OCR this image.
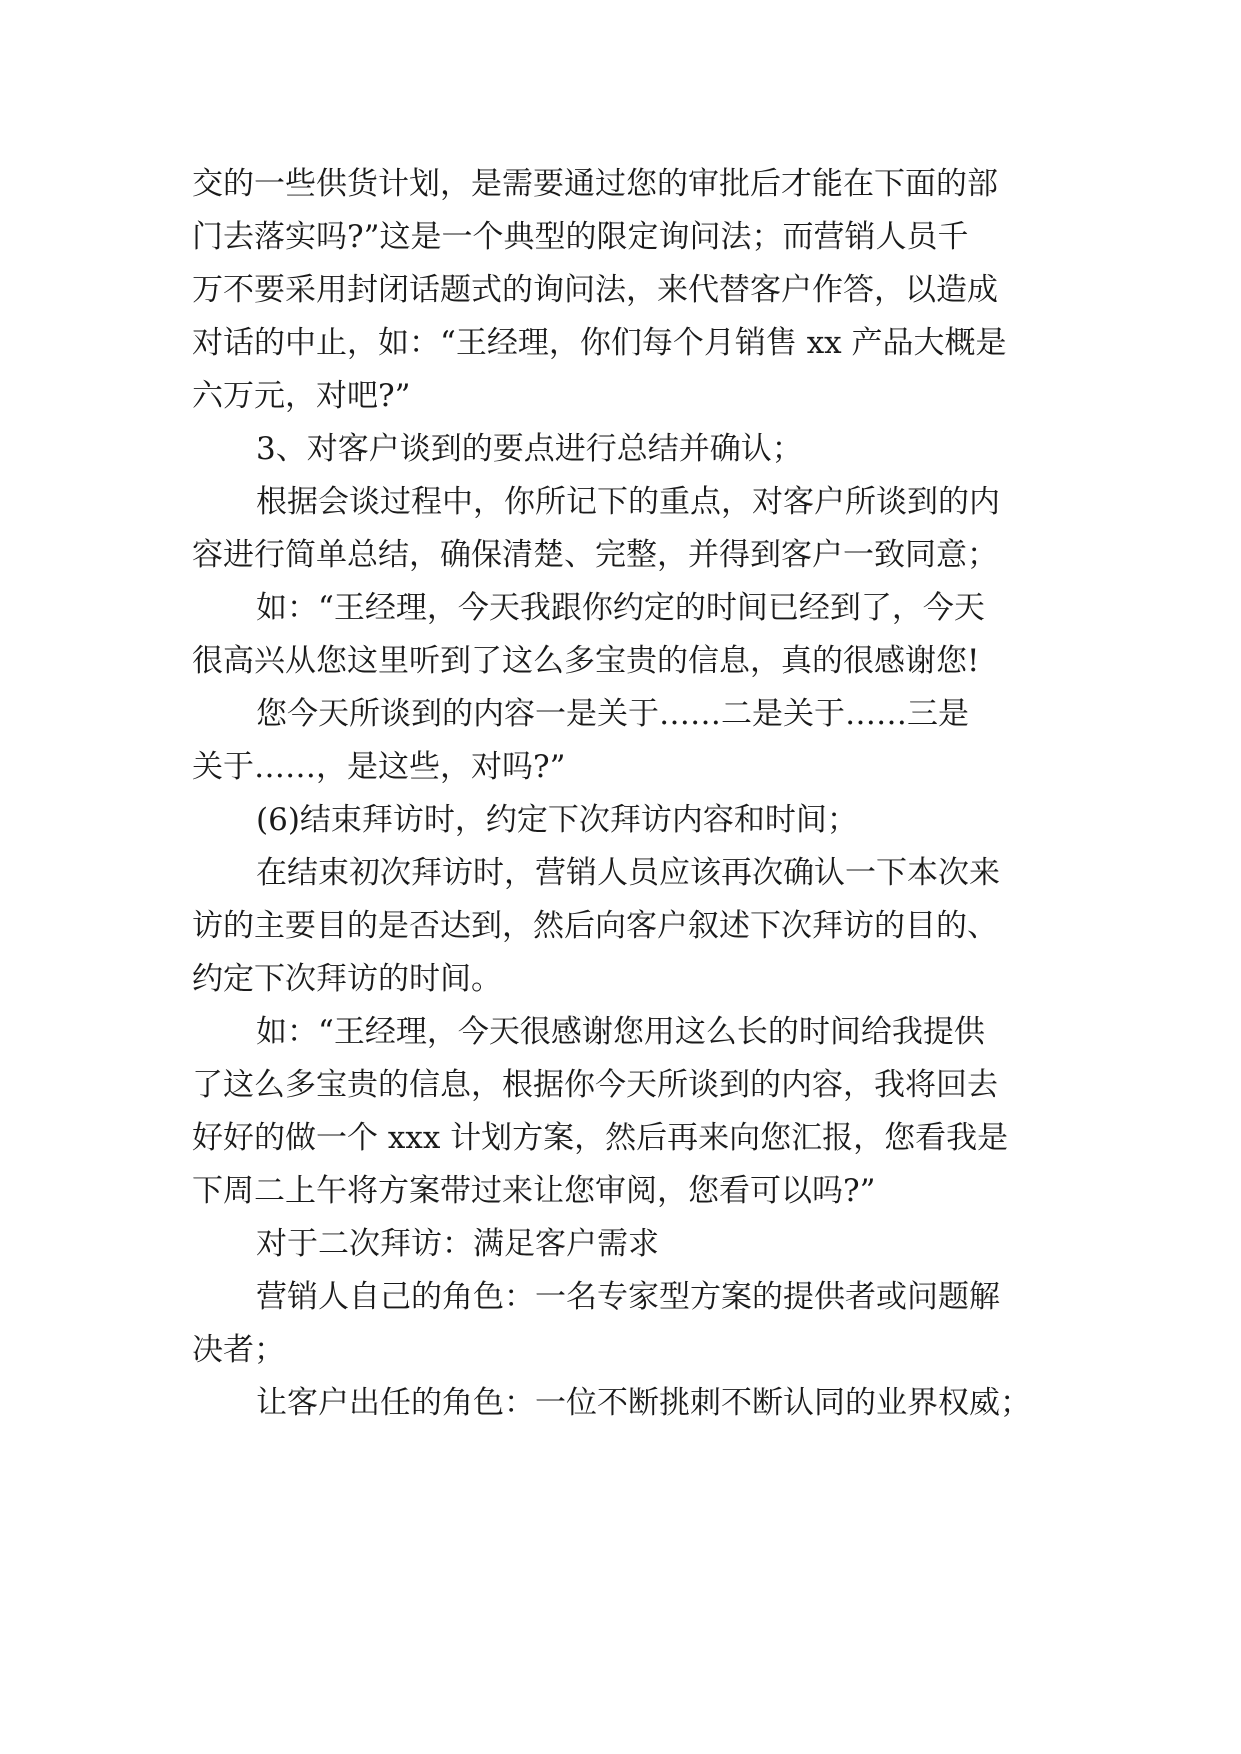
交的一些供货计划，是需要通过您的审批后才能在下面的部
门去落实吗?”这是一个典型的限定询问法；而营销人员千
万不要采用封闭话题式的询问法，来代替客户作答，以造成
对话的中止，如：“王经理，你们每个月销售 xx 产品大概是
六万元，对吧?”
3、对客户谈到的要点进行总结并确认；
根据会谈过程中，你所记下的重点，对客户所谈到的内
容进行简单总结，确保清楚、完整，并得到客户一致同意；
如：“王经理，今天我跟你约定的时间已经到了，今天
很高兴从您这里听到了这么多宝贵的信息，真的很感谢您!
您今天所谈到的内容一是关于……二是关于……三是
关于……，是这些，对吗?”
(6)结束拜访时，约定下次拜访内容和时间；
在结束初次拜访时，营销人员应该再次确认一下本次来
访的主要目的是否达到，然后向客户叙述下次拜访的目的、
约定下次拜访的时间。
如：“王经理，今天很感谢您用这么长的时间给我提供
了这么多宝贵的信息，根据你今天所谈到的内容，我将回去
好好的做一个 xxx 计划方案，然后再来向您汇报，您看我是
下周二上午将方案带过来让您审阅，您看可以吗?”
对于二次拜访：满足客户需求
营销人自己的角色：一名专家型方案的提供者或问题解
决者；
让客户出任的角色：一位不断挑刺不断认同的业界权威；
